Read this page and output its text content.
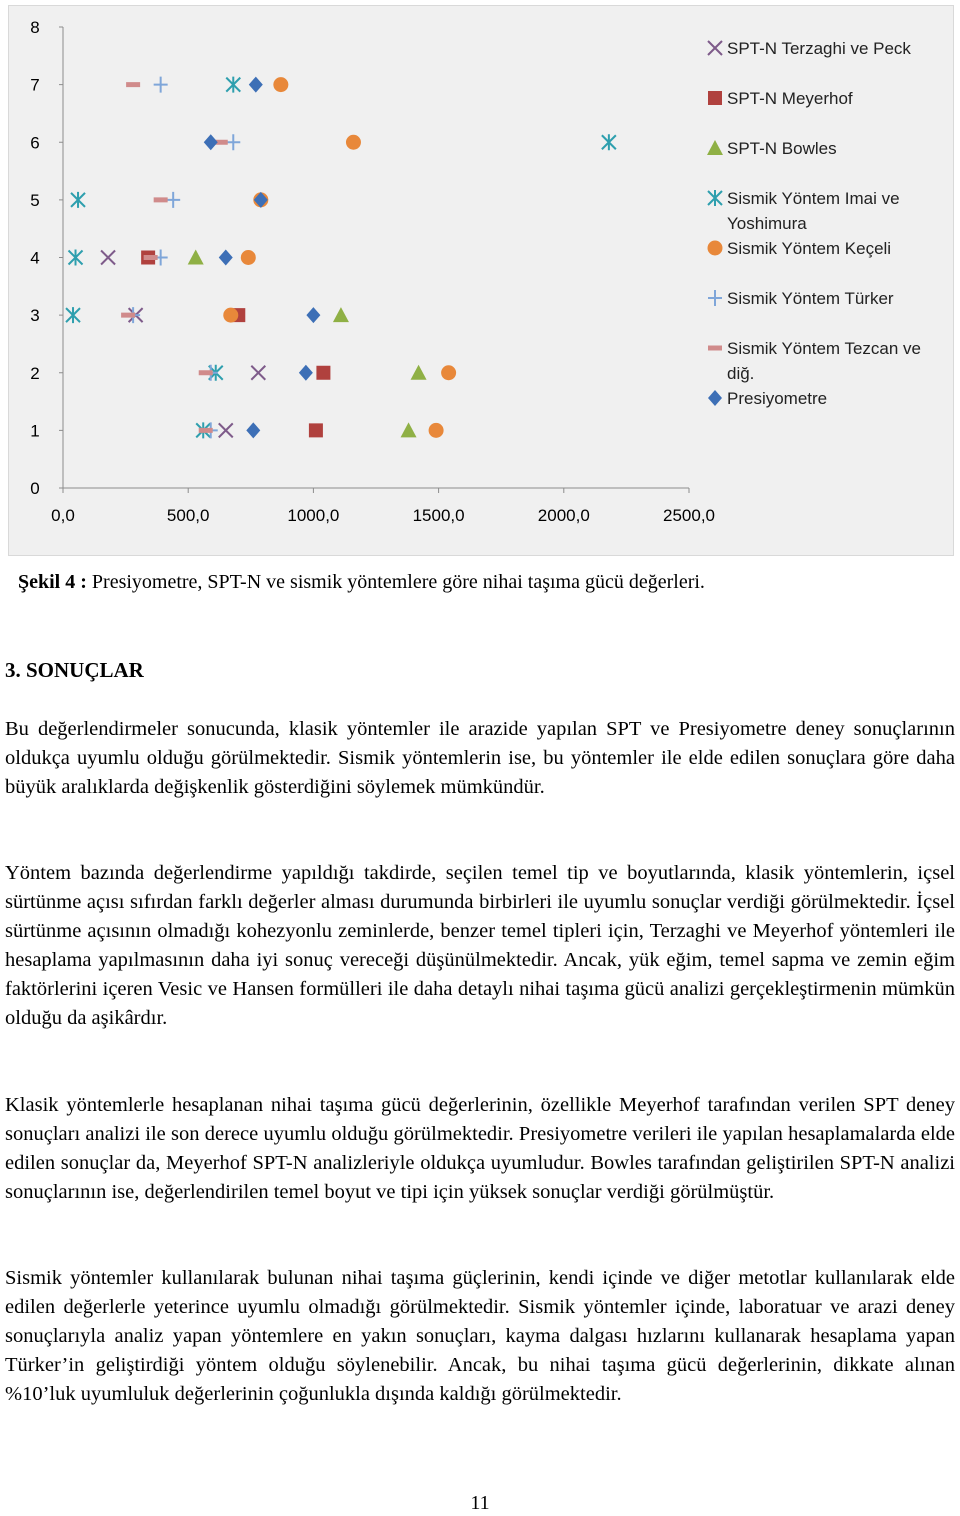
0
1
2
3
4
5
6
7
8
0,0	500,0	1000,0	1500,0	2000,0	2500,0
SPT-N Terzaghi ve Peck
SPT-N Meyerhof
SPT-N Bowles
Sismik Yöntem Imai ve
Yoshimura
Sismik Yöntem Keçeli
Sismik Yöntem Türker
Sismik Yöntem Tezcan ve
diğ.
Presiyometre
Şekil 4 : Presiyometre, SPT-N ve sismik yöntemlere göre nihai taşıma gücü değerleri.
3. SONUÇLAR

Bu değerlendirmeler sonucunda, klasik yöntemler ile arazide yapılan SPT ve Presiyometre deney sonuçlarının oldukça uyumlu olduğu görülmektedir. Sismik yöntemlerin ise, bu yöntemler ile elde edilen sonuçlara göre daha büyük aralıklarda değişkenlik gösterdiğini söylemek mümkündür.

Yöntem bazında değerlendirme yapıldığı takdirde, seçilen temel tip ve boyutlarında, klasik yöntemlerin, içsel sürtünme açısı sıfırdan farklı değerler alması durumunda birbirleri ile uyumlu sonuçlar verdiği görülmektedir. İçsel sürtünme açısının olmadığı kohezyonlu zeminlerde, benzer temel tipleri için, Terzaghi ve Meyerhof yöntemleri ile hesaplama yapılmasının daha iyi sonuç vereceği düşünülmektedir. Ancak, yük eğim, temel sapma ve zemin eğim faktörlerini içeren Vesic ve Hansen formülleri ile daha detaylı nihai taşıma gücü analizi gerçekleştirmenin mümkün olduğu da aşikârdır.

Klasik yöntemlerle hesaplanan nihai taşıma gücü değerlerinin, özellikle Meyerhof tarafından verilen SPT deney sonuçları analizi ile son derece uyumlu olduğu görülmektedir. Presiyometre verileri ile yapılan hesaplamalarda elde edilen sonuçlar da, Meyerhof SPT-N analizleriyle oldukça uyumludur. Bowles tarafından geliştirilen SPT-N analizi sonuçlarının ise, değerlendirilen temel boyut ve tipi için yüksek sonuçlar verdiği görülmüştür.

Sismik yöntemler kullanılarak bulunan nihai taşıma güçlerinin, kendi içinde ve diğer metotlar kullanılarak elde edilen değerlerle yeterince uyumlu olmadığı görülmektedir. Sismik yöntemler içinde, laboratuar ve arazi deney sonuçlarıyla analiz yapan yöntemlere en yakın sonuçları, kayma dalgası hızlarını kullanarak hesaplama yapan Türker’in geliştirdiği yöntem olduğu söylenebilir. Ancak, bu nihai taşıma gücü değerlerinin, dikkate alınan %10’luk uyumluluk değerlerinin çoğunlukla dışında kaldığı görülmektedir.

11
